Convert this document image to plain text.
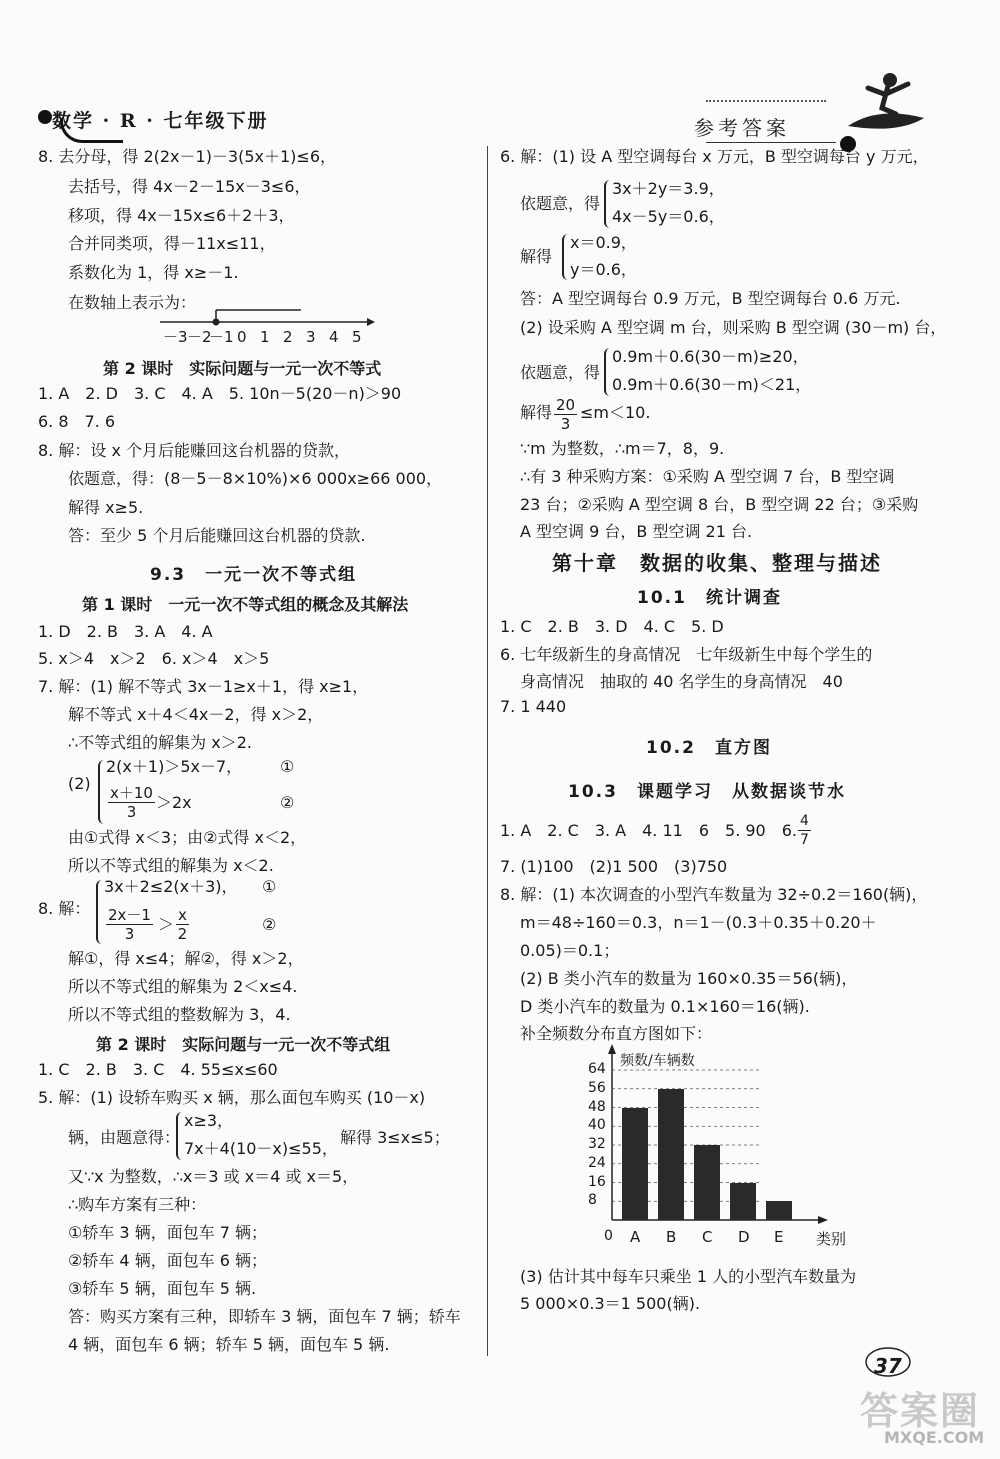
数学 · R · 七年级下册	参考答案
8. 去分母，得 2(2x－1)－3(5x＋1)≤6，
去括号，得 4x－2－15x－3≤6，
移项，得 4x－15x≤6＋2＋3，
合并同类项，得－11x≤11，
系数化为 1，得 x≥－1.
在数轴上表示为：
－3 －2
－1 0 1 2 3 4 5
第 2 课时　实际问题与一元一次不等式
1. A　2. D　3. C　4. A　5. 10n－5(20－n)＞90
6. 8　7. 6
8. 解：设 x 个月后能赚回这台机器的贷款，
依题意，得：(8－5－8×10%)×6 000x≥66 000，
解得 x≥5.
答：至少 5 个月后能赚回这台机器的贷款.
9.3　一元一次不等式组
第 1 课时　一元一次不等式组的概念及其解法
1. D　2. B　3. A　4. A
5. x＞4　x＞2　6. x＞4　x＞5
7. 解：(1) 解不等式 3x－1≥x＋1，得 x≥1，
解不等式 x＋4＜4x－2，得 x＞2，
∴不等式组的解集为 x＞2.
(2)
2(x＋1)＞5x－7， ①
$\frac{x+10}{3} >2x$	②
由①式得 x＜3；由②式得 x＜2，
所以不等式组的解集为 x＜2.
8. 解：
3x＋2≤2(x＋3)， ①
$\frac{2x-1}{3} > \frac{x}{2}$	②
解①，得 x≤4；解②，得 x＞2，
所以不等式组的解集为 2＜x≤4.
所以不等式组的整数解为 3，4.
第 2 课时　实际问题与一元一次不等式组
1. C　2. B　3. C　4. 55≤x≤60
5. 解：(1) 设轿车购买 x 辆，那么面包车购买 (10－x)
辆，由题意得：
x≥3，
7x＋4(10－x)≤55，
解得 3≤x≤5；
又∵x 为整数，∴x＝3 或 x＝4 或 x＝5，
∴购车方案有三种：
①轿车 3 辆，面包车 7 辆；
②轿车 4 辆，面包车 6 辆；
③轿车 5 辆，面包车 5 辆.
答：购买方案有三种，即轿车 3 辆，面包车 7 辆；轿车
4 辆，面包车 6 辆；轿车 5 辆，面包车 5 辆.
6. 解：(1) 设 A 型空调每台 x 万元，B 型空调每台 y 万元，
依题意，得
3x＋2y＝3.9，
4x－5y＝0.6，
解得
x＝0.9，
y＝0.6，
答：A 型空调每台 0.9 万元，B 型空调每台 0.6 万元.
(2) 设采购 A 型空调 m 台，则采购 B 型空调 (30－m) 台，
依题意，得
0.9m＋0.6(30－m)≥20，
0.9m＋0.6(30－m)＜21，
解得 $\frac{20}{3} \le m<10$.
∵m 为整数，∴m＝7，8，9.
∴有 3 种采购方案：①采购 A 型空调 7 台，B 型空调
23 台；②采购 A 型空调 8 台，B 型空调 22 台；③采购
A 型空调 9 台，B 型空调 21 台.
第十章　数据的收集、整理与描述
10.1　统计调查
1. C　2. B　3. D　4. C　5. D
6. 七年级新生的身高情况　七年级新生中每个学生的
身高情况　抽取的 40 名学生的身高情况　40
7. 1 440
10.2　直方图
10.3　课题学习　从数据谈节水
1. A　2. C　3. A　4. 11　6　5. 90　6. $\frac{4}{7}$
7. (1)100　(2)1 500　(3)750
8. 解：(1) 本次调查的小型汽车数量为 32÷0.2＝160(辆)，
m＝48÷160＝0.3，n＝1－(0.3＋0.35＋0.20＋
0.05)＝0.1；
(2) B 类小汽车的数量为 160×0.35＝56(辆)，
D 类小汽车的数量为 0.1×160＝16(辆).
补全频数分布直方图如下：
频数/车辆数
类别
0
8
16
24
32
40
48
56
64
A B C D E
(3) 估计其中每车只乘坐 1 人的小型汽车数量为
5 000×0.3＝1 500(辆).
37
答案圈
MXQE.COM
